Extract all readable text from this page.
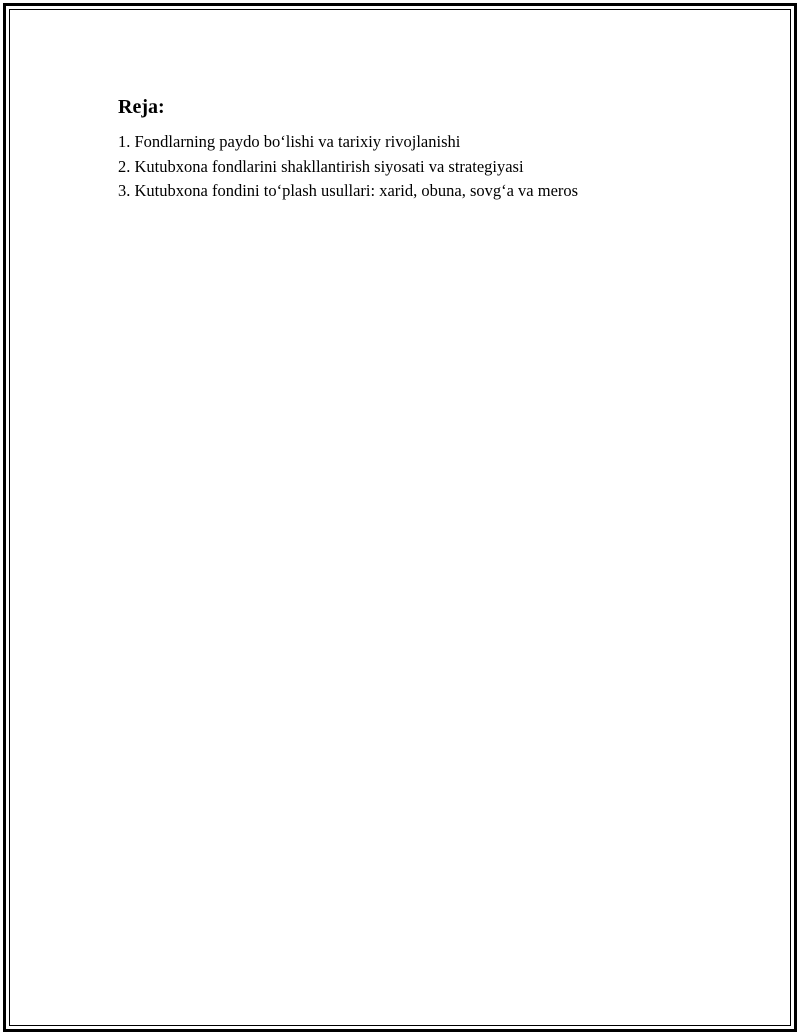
Reja:
1. Fondlarning paydo bo‘lishi va tarixiy rivojlanishi
2. Kutubxona fondlarini shakllantirish siyosati va strategiyasi
3. Kutubxona fondini to‘plash usullari: xarid, obuna, sovg‘a va meros
